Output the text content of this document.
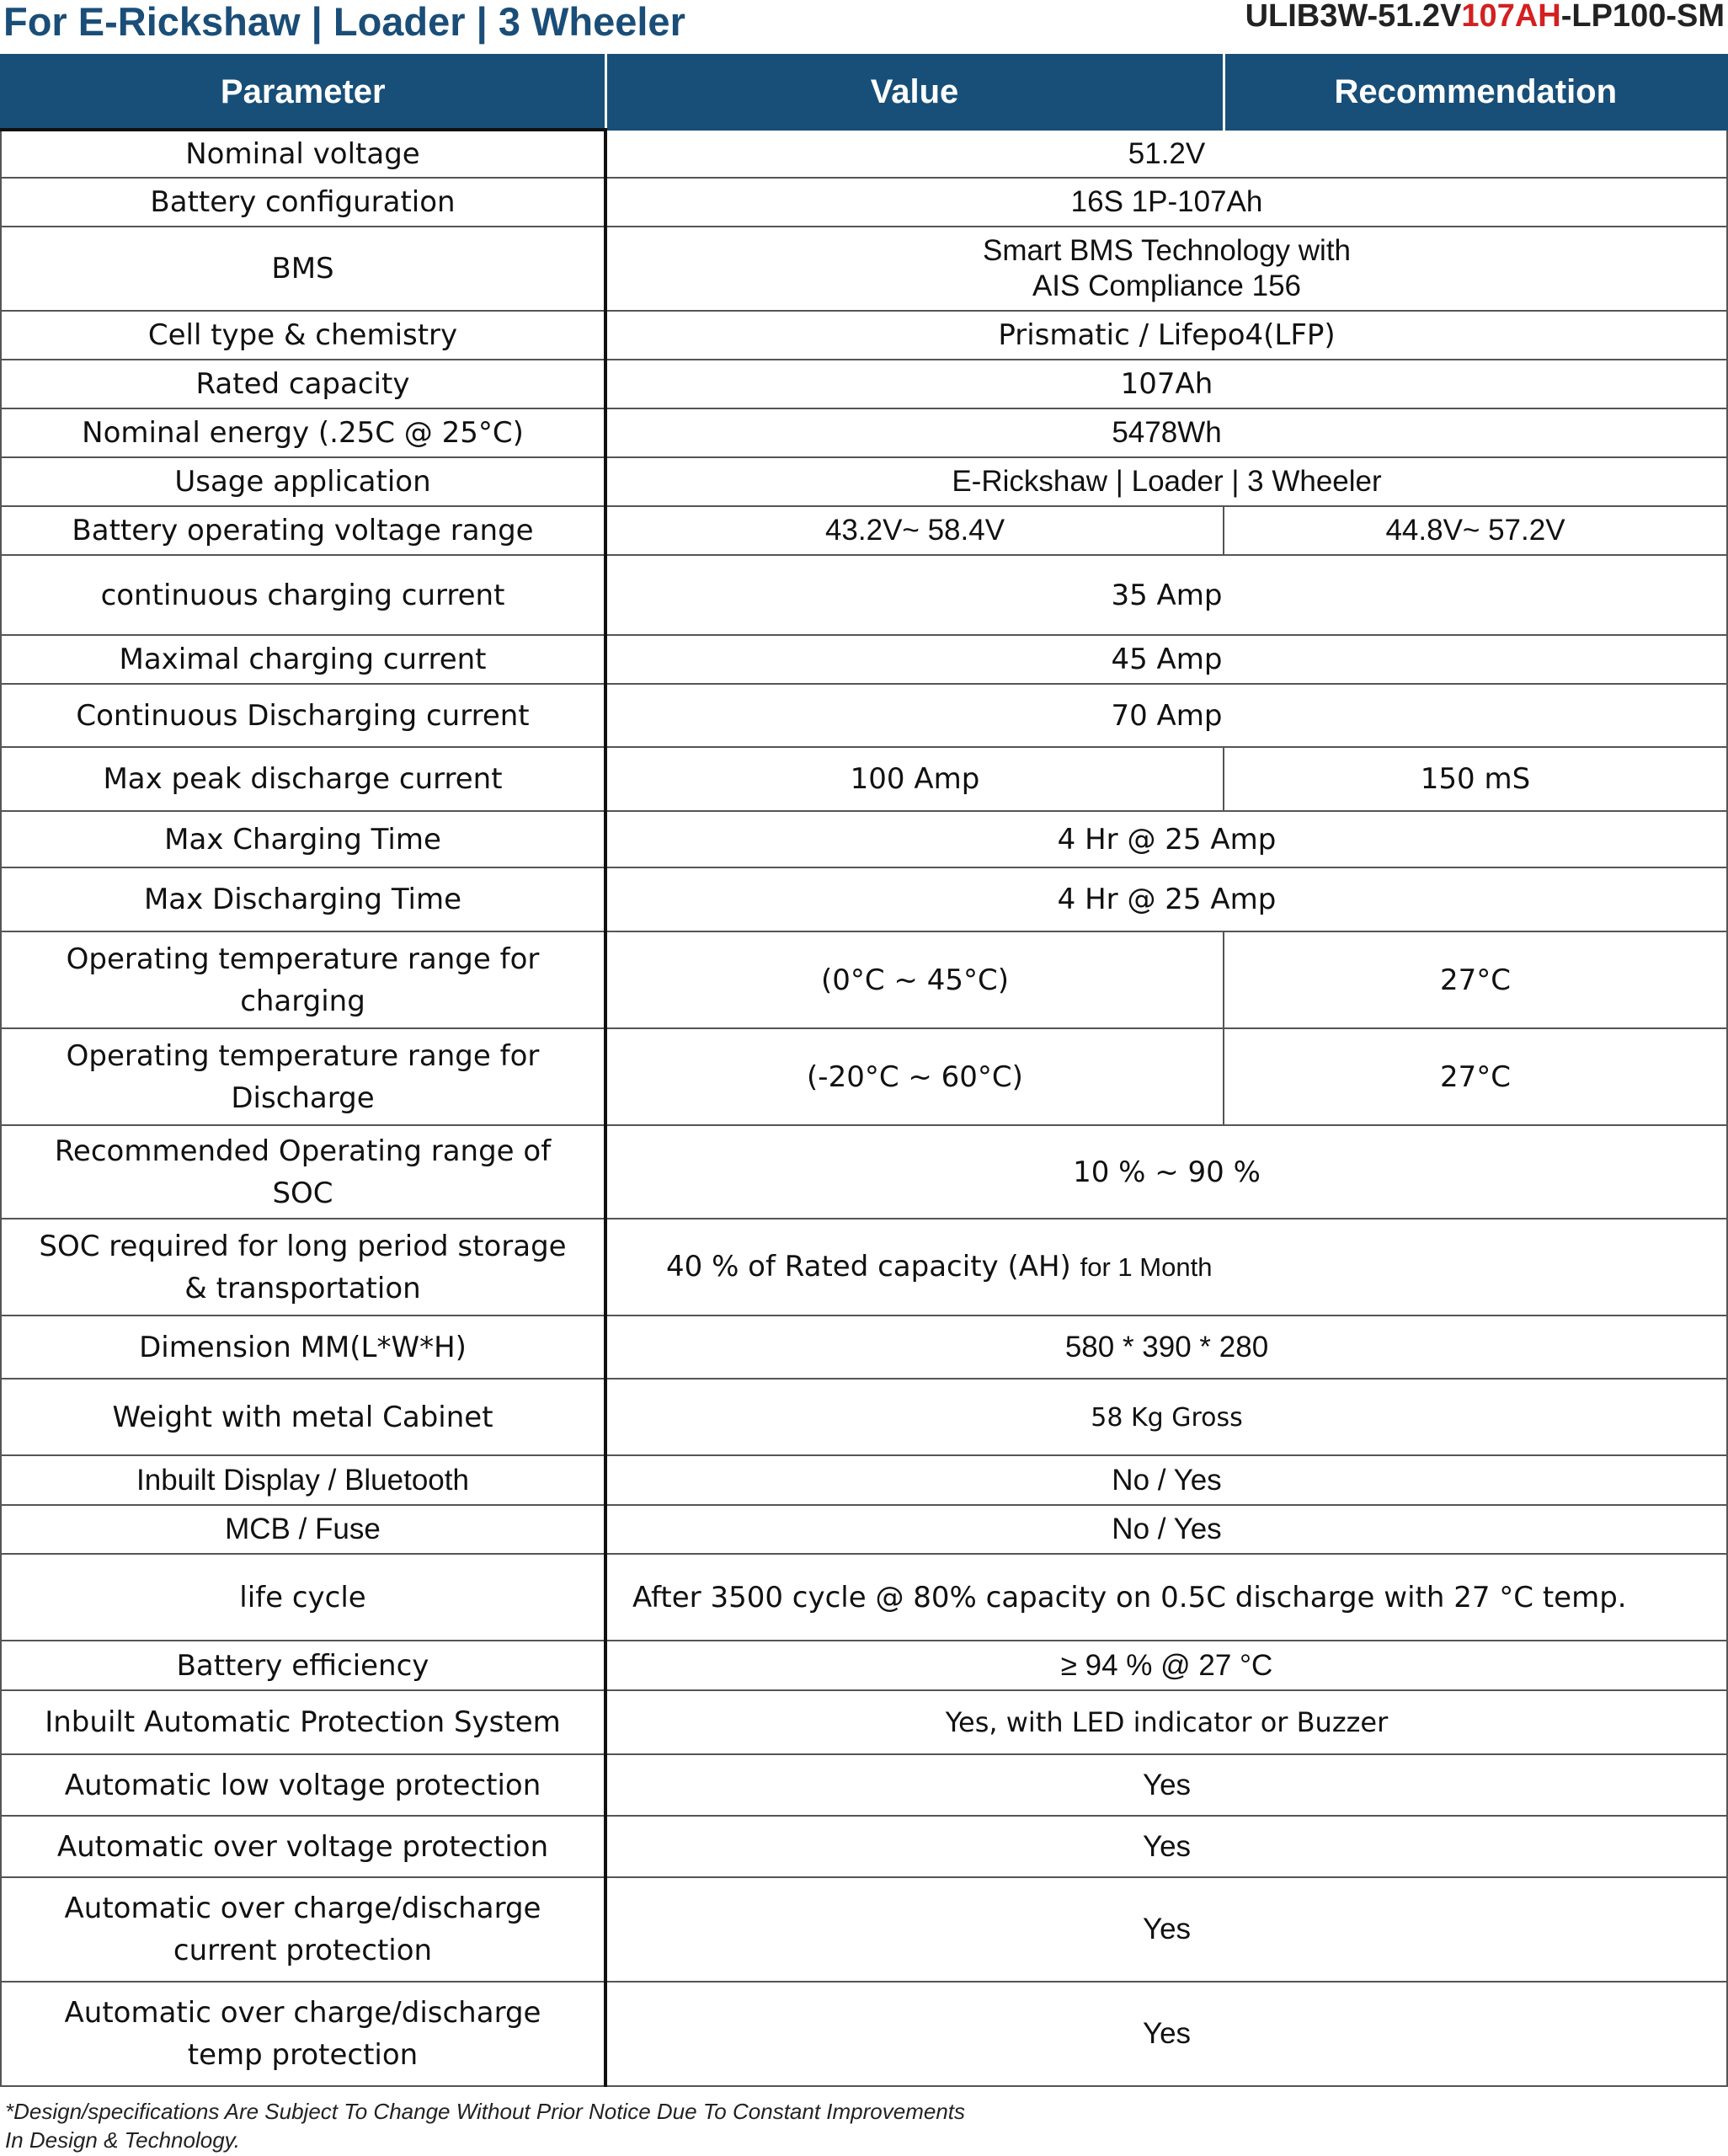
For E-Rickshaw | Loader | 3 Wheeler	ULIB3W-51.2V107AH-LP100-SM
Parameter	Value	Recommendation
Nominal voltage	51.2V	
Battery configuration	16S 1P-107Ah	
BMS	Smart BMS Technology with
AIS Compliance 156	
Cell type & chemistry	Prismatic / Lifepo4(LFP)	
Rated capacity	107Ah	
Nominal energy (.25C @ 25°C)	5478Wh	
Usage application	E-Rickshaw | Loader | 3 Wheeler	
Battery operating voltage range	43.2V~ 58.4V	44.8V~ 57.2V
continuous charging current	35 Amp	
Maximal charging current	45 Amp	
Continuous Discharging current	70 Amp	
Max peak discharge current	100 Amp	150 mS
Max Charging Time	4 Hr @ 25 Amp	
Max Discharging Time	4 Hr @ 25 Amp	
Operating temperature range for
charging	(0°C ~ 45°C)	27°C
Operating temperature range for
Discharge	(-20°C ~ 60°C)	27°C
Recommended Operating range of
SOC	10 % ~ 90 %	
SOC required for long period storage
& transportation	40 % of Rated capacity (AH) for 1 Month	
Dimension MM(L*W*H)	580 * 390 * 280	
Weight with metal Cabinet	58 Kg Gross	
Inbuilt Display / Bluetooth	No / Yes	
MCB / Fuse	No / Yes	
life cycle	After 3500 cycle @ 80% capacity on 0.5C discharge with 27 °C temp.	
Battery efficiency	≥ 94 % @ 27 °C	
Inbuilt Automatic Protection System	Yes, with LED indicator or Buzzer	
Automatic low voltage protection	Yes	
Automatic over voltage protection	Yes	
Automatic over charge/discharge
current protection	Yes	
Automatic over charge/discharge
temp protection	Yes	
*Design/specifications Are Subject To Change Without Prior Notice Due To Constant Improvements
In Design & Technology.
